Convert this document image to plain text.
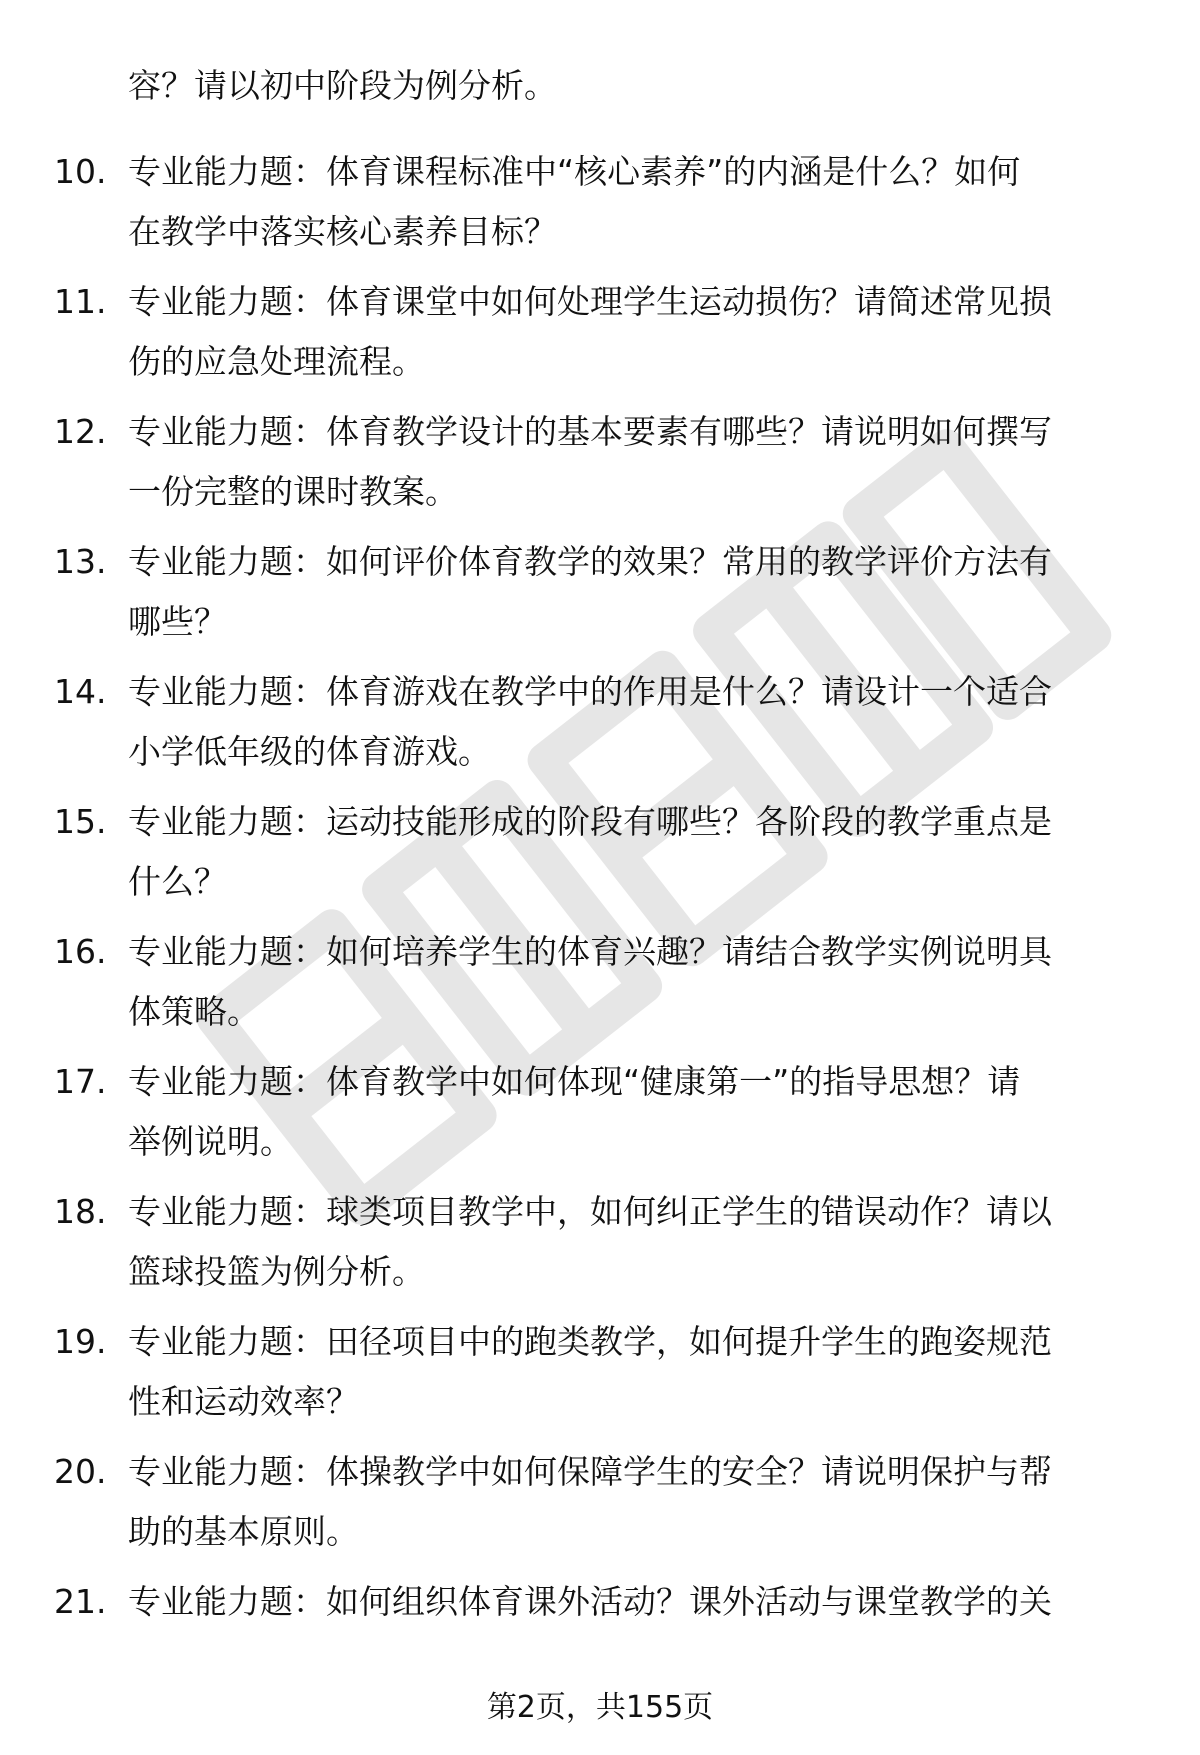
容？请以初中阶段为例分析。
10. 专业能力题：体育课程标准中“核心素养”的内涵是什么？如何
在教学中落实核心素养目标？
11. 专业能力题：体育课堂中如何处理学生运动损伤？请简述常见损
伤的应急处理流程。
12. 专业能力题：体育教学设计的基本要素有哪些？请说明如何撰写
一份完整的课时教案。
13. 专业能力题：如何评价体育教学的效果？常用的教学评价方法有
哪些？
14. 专业能力题：体育游戏在教学中的作用是什么？请设计一个适合
小学低年级的体育游戏。
15. 专业能力题：运动技能形成的阶段有哪些？各阶段的教学重点是
什么？
16. 专业能力题：如何培养学生的体育兴趣？请结合教学实例说明具
体策略。
17. 专业能力题：体育教学中如何体现“健康第一”的指导思想？请
举例说明。
18. 专业能力题：球类项目教学中，如何纠正学生的错误动作？请以
篮球投篮为例分析。
19. 专业能力题：田径项目中的跑类教学，如何提升学生的跑姿规范
性和运动效率？
20. 专业能力题：体操教学中如何保障学生的安全？请说明保护与帮
助的基本原则。
21. 专业能力题：如何组织体育课外活动？课外活动与课堂教学的关
第2页，共155页
